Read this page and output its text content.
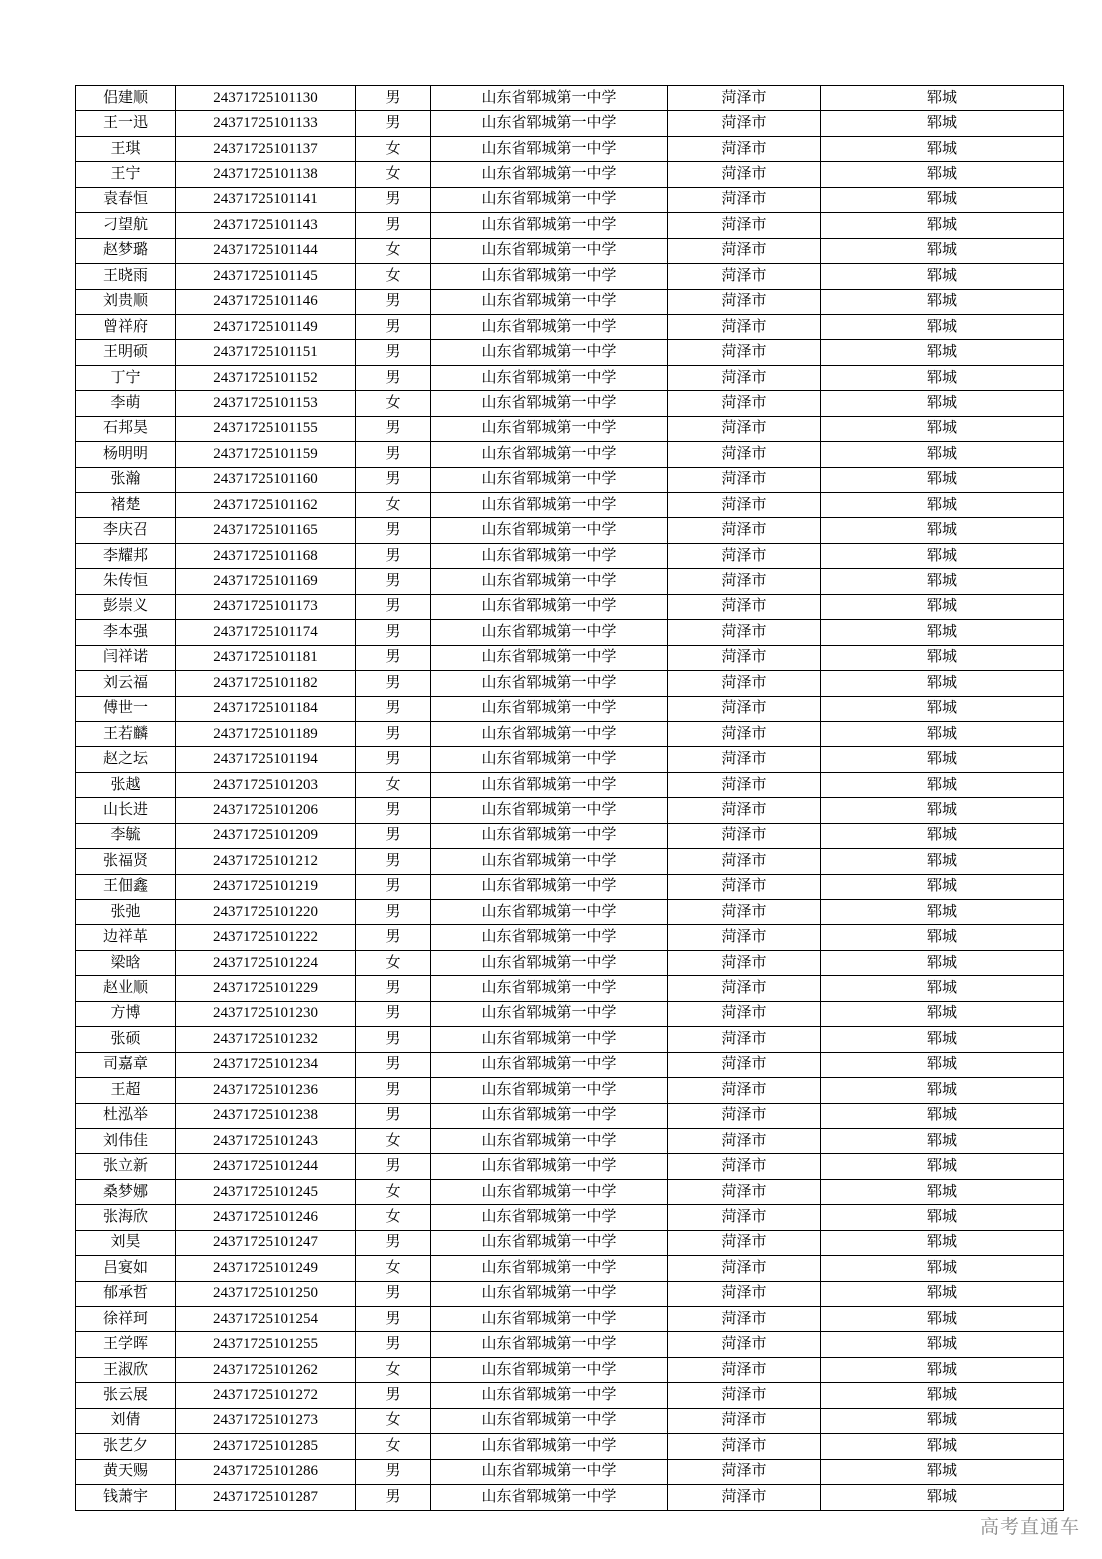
侣建顺	24371725101130	男	山东省郓城第一中学	菏泽市	郓城
王一迅	24371725101133	男	山东省郓城第一中学	菏泽市	郓城
王琪	24371725101137	女	山东省郓城第一中学	菏泽市	郓城
王宁	24371725101138	女	山东省郓城第一中学	菏泽市	郓城
袁春恒	24371725101141	男	山东省郓城第一中学	菏泽市	郓城
刁望航	24371725101143	男	山东省郓城第一中学	菏泽市	郓城
赵梦璐	24371725101144	女	山东省郓城第一中学	菏泽市	郓城
王晓雨	24371725101145	女	山东省郓城第一中学	菏泽市	郓城
刘贵顺	24371725101146	男	山东省郓城第一中学	菏泽市	郓城
曾祥府	24371725101149	男	山东省郓城第一中学	菏泽市	郓城
王明硕	24371725101151	男	山东省郓城第一中学	菏泽市	郓城
丁宁	24371725101152	男	山东省郓城第一中学	菏泽市	郓城
李萌	24371725101153	女	山东省郓城第一中学	菏泽市	郓城
石邦昊	24371725101155	男	山东省郓城第一中学	菏泽市	郓城
杨明明	24371725101159	男	山东省郓城第一中学	菏泽市	郓城
张瀚	24371725101160	男	山东省郓城第一中学	菏泽市	郓城
褚楚	24371725101162	女	山东省郓城第一中学	菏泽市	郓城
李庆召	24371725101165	男	山东省郓城第一中学	菏泽市	郓城
李耀邦	24371725101168	男	山东省郓城第一中学	菏泽市	郓城
朱传恒	24371725101169	男	山东省郓城第一中学	菏泽市	郓城
彭崇义	24371725101173	男	山东省郓城第一中学	菏泽市	郓城
李本强	24371725101174	男	山东省郓城第一中学	菏泽市	郓城
闫祥诺	24371725101181	男	山东省郓城第一中学	菏泽市	郓城
刘云福	24371725101182	男	山东省郓城第一中学	菏泽市	郓城
傅世一	24371725101184	男	山东省郓城第一中学	菏泽市	郓城
王若麟	24371725101189	男	山东省郓城第一中学	菏泽市	郓城
赵之坛	24371725101194	男	山东省郓城第一中学	菏泽市	郓城
张越	24371725101203	女	山东省郓城第一中学	菏泽市	郓城
山长进	24371725101206	男	山东省郓城第一中学	菏泽市	郓城
李毓	24371725101209	男	山东省郓城第一中学	菏泽市	郓城
张福贤	24371725101212	男	山东省郓城第一中学	菏泽市	郓城
王佃鑫	24371725101219	男	山东省郓城第一中学	菏泽市	郓城
张弛	24371725101220	男	山东省郓城第一中学	菏泽市	郓城
边祥革	24371725101222	男	山东省郓城第一中学	菏泽市	郓城
梁晗	24371725101224	女	山东省郓城第一中学	菏泽市	郓城
赵业顺	24371725101229	男	山东省郓城第一中学	菏泽市	郓城
方博	24371725101230	男	山东省郓城第一中学	菏泽市	郓城
张硕	24371725101232	男	山东省郓城第一中学	菏泽市	郓城
司嘉章	24371725101234	男	山东省郓城第一中学	菏泽市	郓城
王超	24371725101236	男	山东省郓城第一中学	菏泽市	郓城
杜泓举	24371725101238	男	山东省郓城第一中学	菏泽市	郓城
刘伟佳	24371725101243	女	山东省郓城第一中学	菏泽市	郓城
张立新	24371725101244	男	山东省郓城第一中学	菏泽市	郓城
桑梦娜	24371725101245	女	山东省郓城第一中学	菏泽市	郓城
张海欣	24371725101246	女	山东省郓城第一中学	菏泽市	郓城
刘昊	24371725101247	男	山东省郓城第一中学	菏泽市	郓城
吕宴如	24371725101249	女	山东省郓城第一中学	菏泽市	郓城
郁承哲	24371725101250	男	山东省郓城第一中学	菏泽市	郓城
徐祥珂	24371725101254	男	山东省郓城第一中学	菏泽市	郓城
王学晖	24371725101255	男	山东省郓城第一中学	菏泽市	郓城
王淑欣	24371725101262	女	山东省郓城第一中学	菏泽市	郓城
张云展	24371725101272	男	山东省郓城第一中学	菏泽市	郓城
刘倩	24371725101273	女	山东省郓城第一中学	菏泽市	郓城
张艺夕	24371725101285	女	山东省郓城第一中学	菏泽市	郓城
黄天赐	24371725101286	男	山东省郓城第一中学	菏泽市	郓城
钱萧宇	24371725101287	男	山东省郓城第一中学	菏泽市	郓城
高考直通车
